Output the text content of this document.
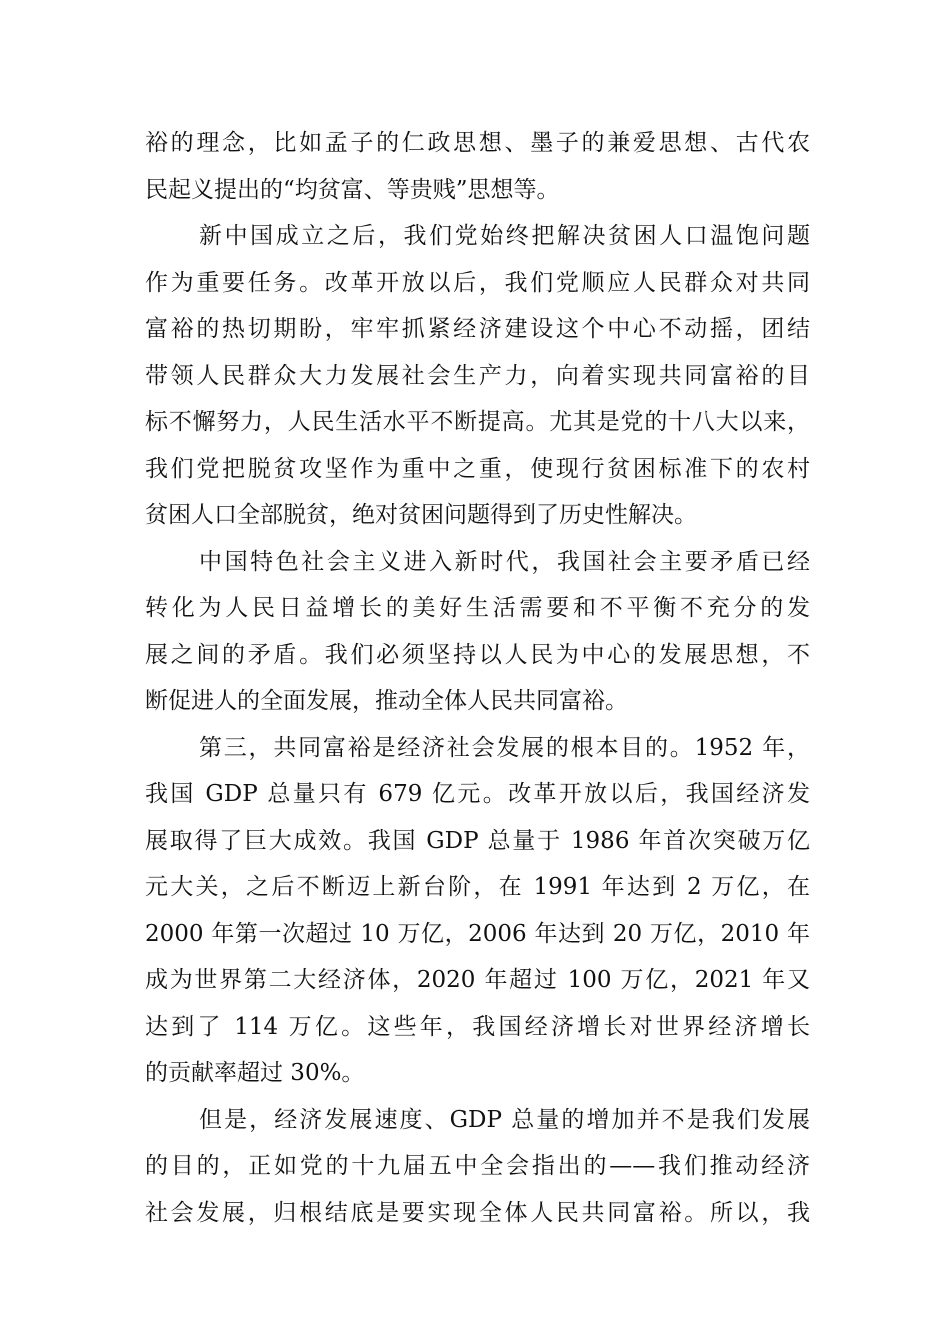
裕的理念，比如孟子的仁政思想、墨子的兼爱思想、古代农
民起义提出的“均贫富、等贵贱”思想等。
新中国成立之后，我们党始终把解决贫困人口温饱问题
作为重要任务。改革开放以后，我们党顺应人民群众对共同
富裕的热切期盼，牢牢抓紧经济建设这个中心不动摇，团结
带领人民群众大力发展社会生产力，向着实现共同富裕的目
标不懈努力，人民生活水平不断提高。尤其是党的十八大以来，
我们党把脱贫攻坚作为重中之重，使现行贫困标准下的农村
贫困人口全部脱贫，绝对贫困问题得到了历史性解决。
中国特色社会主义进入新时代，我国社会主要矛盾已经
转化为人民日益增长的美好生活需要和不平衡不充分的发
展之间的矛盾。我们必须坚持以人民为中心的发展思想，不
断促进人的全面发展，推动全体人民共同富裕。
第三，共同富裕是经济社会发展的根本目的。1952 年，
我国 GDP 总量只有 679 亿元。改革开放以后，我国经济发
展取得了巨大成效。我国 GDP 总量于 1986 年首次突破万亿
元大关，之后不断迈上新台阶，在 1991 年达到 2 万亿，在
2000 年第一次超过 10 万亿，2006 年达到 20 万亿，2010 年
成为世界第二大经济体，2020 年超过 100 万亿，2021 年又
达到了 114 万亿。这些年，我国经济增长对世界经济增长
的贡献率超过 30%。
但是，经济发展速度、GDP 总量的增加并不是我们发展
的目的，正如党的十九届五中全会指出的——我们推动经济
社会发展，归根结底是要实现全体人民共同富裕。所以，我
